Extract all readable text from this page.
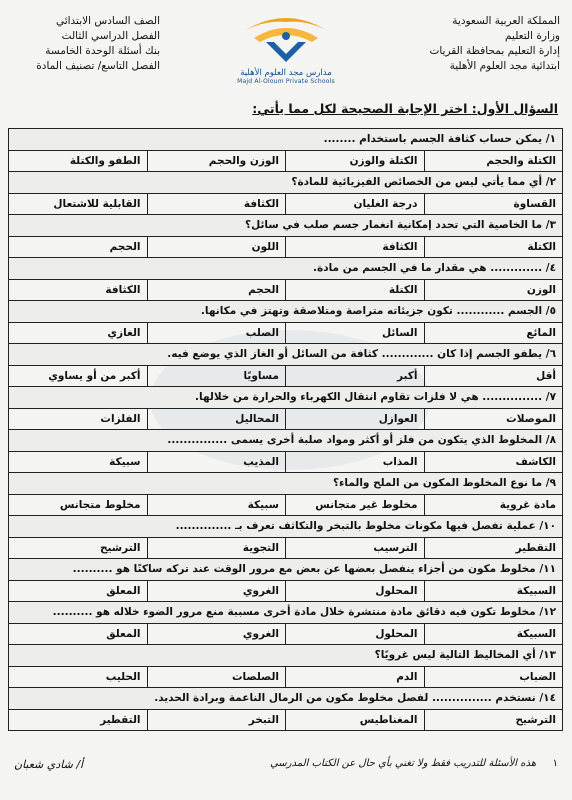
المملكة العربية السعودية
وزارة التعليم
إدارة التعليم بمحافظة القريات
ابتدائية مجد العلوم الأهلية
مدارس مجد العلوم الأهلية
Majd Al-Oloum Private Schools
الصف السادس الابتدائي
الفصل الدراسي الثالث
بنك أسئلة الوحدة الخامسة
الفصل التاسع/ تصنيف المادة
السؤال الأول: اختر الإجابة الصحيحة لكل مما يأتي:
١/ يمكن حساب كثافة الجسم باستخدام ........			
الكتلة والحجم	الكتلة والوزن	الوزن والحجم	الطفو والكتلة
٢/ أي مما يأتي ليس من الخصائص الفيزيائية للمادة؟			
القساوة	درجة الغليان	الكثافة	القابلية للاشتعال
٣/ ما الخاصية التي تحدد إمكانية انغمار جسم صلب في سائل؟			
الكتلة	الكثافة	اللون	الحجم
٤/ ............. هي مقدار ما في الجسم من مادة.			
الوزن	الكتلة	الحجم	الكثافة
٥/ الجسم ............ تكون جزيئاته متراصة ومتلاصقة وتهتز في مكانها.			
المائع	السائل	الصلب	الغازي
٦/ يطفو الجسم إذا كان ............. كثافة من السائل أو الغاز الذي يوضع فيه.			
أقل	أكبر	مساويًا	أكبر من أو يساوي
٧/ ............... هي لا فلزات تقاوم انتقال الكهرباء والحرارة من خلالها.			
الموصلات	العوازل	المحاليل	الفلزات
٨/ المخلوط الذي يتكون من فلز أو أكثر ومواد صلبة أخرى يسمى ...............			
الكاشف	المذاب	المذيب	سبيكة
٩/ ما نوع المخلوط المكون من الملح والماء؟			
مادة غروية	مخلوط غير متجانس	سبيكة	مخلوط متجانس
١٠/ عملية تفصل فيها مكونات مخلوط بالتبخر والتكاثف تعرف بـ ..............			
التقطير	الترسيب	التجوية	الترشيح
١١/ مخلوط مكون من أجزاء ينفصل بعضها عن بعض مع مرور الوقت عند تركه ساكنًا هو ..........			
السبيكة	المحلول	الغروي	المعلق
١٢/ مخلوط تكون فيه دقائق مادة منتشرة خلال مادة أخرى مسببة منع مرور الضوء خلاله هو ..........			
السبيكة	المحلول	الغروي	المعلق
١٣/ أي المخاليط التالية ليس غرويًا؟			
الضباب	الدم	الصلصات	الحليب
١٤/ نستخدم ............... لفصل مخلوط مكون من الرمال الناعمة وبرادة الحديد.			
الترشيح	المغناطيس	التبخر	التقطير
١
هذه الأسئلة للتدريب فقط ولا تغني بأي حال عن الكتاب المدرسي
أ/ شادي شعبان
